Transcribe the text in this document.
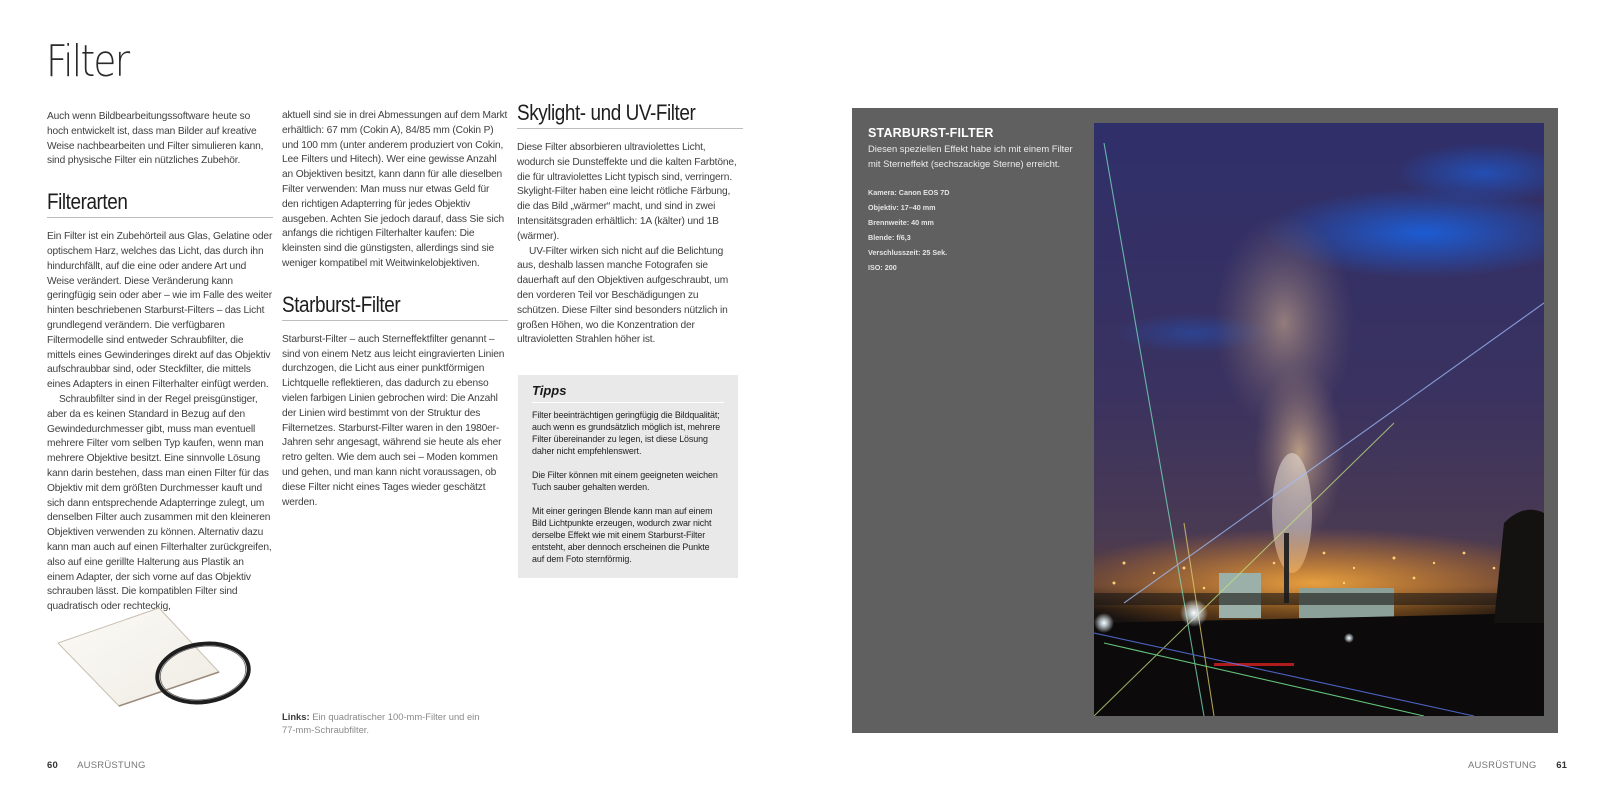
Filter

Auch wenn Bildbearbeitungssoftware heute so hoch entwickelt ist, dass man Bilder auf kreative Weise nachbearbeiten und Filter simulieren kann, sind physische Filter ein nützliches Zubehör.

Filterarten

Ein Filter ist ein Zubehörteil aus Glas, Gelatine oder optischem Harz, welches das Licht, das durch ihn hindurchfällt, auf die eine oder andere Art und Weise verändert. Diese Veränderung kann geringfügig sein oder aber – wie im Falle des weiter hinten beschriebenen Starburst-Filters – das Licht grundlegend verändern. Die verfügbaren Filtermodelle sind entweder Schraubfilter, die mittels eines Gewinderinges direkt auf das Objektiv aufschraubbar sind, oder Steckfilter, die mittels eines Adapters in einen Filterhalter einfügt werden.

Schraubfilter sind in der Regel preisgünstiger, aber da es keinen Standard in Bezug auf den Gewindedurchmesser gibt, muss man eventuell mehrere Filter vom selben Typ kaufen, wenn man mehrere Objektive besitzt. Eine sinnvolle Lösung kann darin bestehen, dass man einen Filter für das Objektiv mit dem größten Durchmesser kauft und sich dann entsprechende Adapterringe zulegt, um denselben Filter auch zusammen mit den kleineren Objektiven verwenden zu können. Alternativ dazu kann man auch auf einen Filterhalter zurückgreifen, also auf eine gerillte Halterung aus Plastik an einem Adapter, der sich vorne auf das Objektiv schrauben lässt. Die kompatiblen Filter sind quadratisch oder rechteckig,

aktuell sind sie in drei Abmessungen auf dem Markt erhältlich: 67 mm (Cokin A), 84/85 mm (Cokin P) und 100 mm (unter anderem produziert von Cokin, Lee Filters und Hitech). Wer eine gewisse Anzahl an Objektiven besitzt, kann dann für alle dieselben Filter verwenden: Man muss nur etwas Geld für den richtigen Adapterring für jedes Objektiv ausgeben. Achten Sie jedoch darauf, dass Sie sich anfangs die richtigen Filterhalter kaufen: Die kleinsten sind die günstigsten, allerdings sind sie weniger kompatibel mit Weitwinkelobjektiven.

Starburst-Filter

Starburst-Filter – auch Sterneffektfilter genannt – sind von einem Netz aus leicht eingravierten Linien durchzogen, die Licht aus einer punktförmigen Lichtquelle reflektieren, das dadurch zu ebenso vielen farbigen Linien gebrochen wird: Die Anzahl der Linien wird bestimmt von der Struktur des Filternetzes. Starburst-Filter waren in den 1980er-Jahren sehr angesagt, während sie heute als eher retro gelten. Wie dem auch sei – Moden kommen und gehen, und man kann nicht voraussagen, ob diese Filter nicht eines Tages wieder geschätzt werden.

Skylight- und UV-Filter

Diese Filter absorbieren ultraviolettes Licht, wodurch sie Dunsteffekte und die kalten Farbtöne, die für ultraviolettes Licht typisch sind, verringern. Skylight-Filter haben eine leicht rötliche Färbung, die das Bild „wärmer“ macht, und sind in zwei Intensitätsgraden erhältlich: 1A (kälter) und 1B (wärmer).

UV-Filter wirken sich nicht auf die Belichtung aus, deshalb lassen manche Fotografen sie dauerhaft auf den Objektiven aufgeschraubt, um den vorderen Teil vor Beschädigungen zu schützen. Diese Filter sind besonders nützlich in großen Höhen, wo die Konzentration der ultravioletten Strahlen höher ist.

Tipps

Filter beeinträchtigen geringfügig die Bildqualität; auch wenn es grundsätzlich möglich ist, mehrere Filter übereinander zu legen, ist diese Lösung daher nicht empfehlenswert.

Die Filter können mit einem geeigneten weichen Tuch sauber gehalten werden.

Mit einer geringen Blende kann man auf einem Bild Lichtpunkte erzeugen, wodurch zwar nicht derselbe Effekt wie mit einem Starburst-Filter entsteht, aber dennoch erscheinen die Punkte auf dem Foto sternförmig.

Links: Ein quadratischer 100-mm-Filter und ein 77-mm-Schraubfilter.
60 AUSRÜSTUNG
STARBURST-FILTER
Diesen speziellen Effekt habe ich mit einem Filter mit Sterneffekt (sechszackige Sterne) erreicht.
Kamera: Canon EOS 7D
Objektiv: 17–40 mm
Brennweite: 40 mm
Blende: f/6,3
Verschlusszeit: 25 Sek.
ISO: 200
AUSRÜSTUNG 61
